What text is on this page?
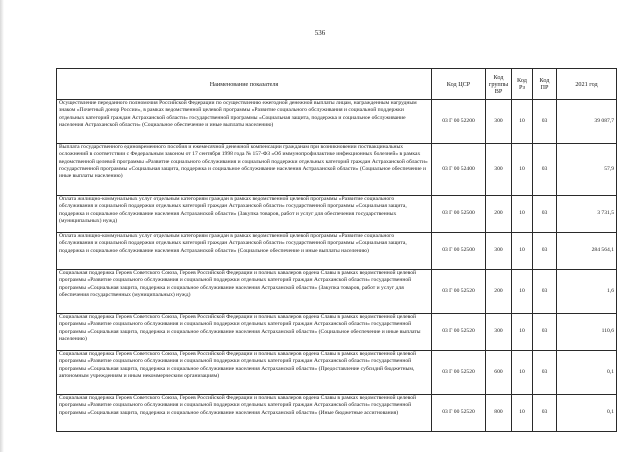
536
Наименование показателя	Код ЦСР	Код группы ВР	Код Рз	Код ПР	2021 год
Осуществление переданного полномочия Российской Федерации по осуществлению ежегодной денежной выплаты лицам, награжденным нагрудным знаком «Почетный донор России», в рамках ведомственной целевой программы «Развитие социального обслуживания и социальной поддержки отдельных категорий граждан Астраханской области» государственной программы «Социальная защита, поддержка и социальное обслуживание населения Астраханской области» (Социальное обеспечение и иные выплаты населению)	03 Г 00 52200	300	10	03	39 087,7
Выплата государственного единовременного пособия и ежемесячной денежной компенсации гражданам при возникновении поствакцинальных осложнений в соответствии с Федеральным законом от 17 сентября 1998 года № 157-ФЗ «Об иммунопрофилактике инфекционных болезней» в рамках ведомственной целевой программы «Развитие социального обслуживания и социальной поддержки отдельных категорий граждан Астраханской области» государственной программы «Социальная защита, поддержка и социальное обслуживание населения Астраханской области» (Социальное обеспечение и иные выплаты населению)	03 Г 00 52400	300	10	03	57,9
Оплата жилищно-коммунальных услуг отдельным категориям граждан в рамках ведомственной целевой программы «Развитие социального обслуживания и социальной поддержки отдельных категорий граждан Астраханской области» государственной программы «Социальная защита, поддержка и социальное обслуживание населения Астраханской области» (Закупка товаров, работ и услуг для обеспечения государственных (муниципальных) нужд)	03 Г 00 52500	200	10	03	3 731,5
Оплата жилищно-коммунальных услуг отдельным категориям граждан в рамках ведомственной целевой программы «Развитие социального обслуживания и социальной поддержки отдельных категорий граждан Астраханской области» государственной программы «Социальная защита, поддержка и социальное обслуживание населения Астраханской области» (Социальное обеспечение и иные выплаты населению)	03 Г 00 52500	300	10	03	284 564,1
Социальная поддержка Героев Советского Союза, Героев Российской Федерации и полных кавалеров ордена Славы в рамках ведомственной целевой программы «Развитие социального обслуживания и социальной поддержки отдельных категорий граждан Астраханской области» государственной программы «Социальная защита, поддержка и социальное обслуживание населения Астраханской области» (Закупка товаров, работ и услуг для обеспечения государственных (муниципальных) нужд)	03 Г 00 52520	200	10	03	1,6
Социальная поддержка Героев Советского Союза, Героев Российской Федерации и полных кавалеров ордена Славы в рамках ведомственной целевой программы «Развитие социального обслуживания и социальной поддержки отдельных категорий граждан Астраханской области» государственной программы «Социальная защита, поддержка и социальное обслуживание населения Астраханской области» (Социальное обеспечение и иные выплаты населению)	03 Г 00 52520	300	10	03	110,6
Социальная поддержка Героев Советского Союза, Героев Российской Федерации и полных кавалеров ордена Славы в рамках ведомственной целевой программы «Развитие социального обслуживания и социальной поддержки отдельных категорий граждан Астраханской области» государственной программы «Социальная защита, поддержка и социальное обслуживание населения Астраханской области» (Предоставление субсидий бюджетным, автономным учреждениям и иным некоммерческим организациям)	03 Г 00 52520	600	10	03	0,1
Социальная поддержка Героев Советского Союза, Героев Российской Федерации и полных кавалеров ордена Славы в рамках ведомственной целевой программы «Развитие социального обслуживания и социальной поддержки отдельных категорий граждан Астраханской области» государственной программы «Социальная защита, поддержка и социальное обслуживание населения Астраханской области» (Иные бюджетные ассигнования)	03 Г 00 52520	800	10	03	0,1
